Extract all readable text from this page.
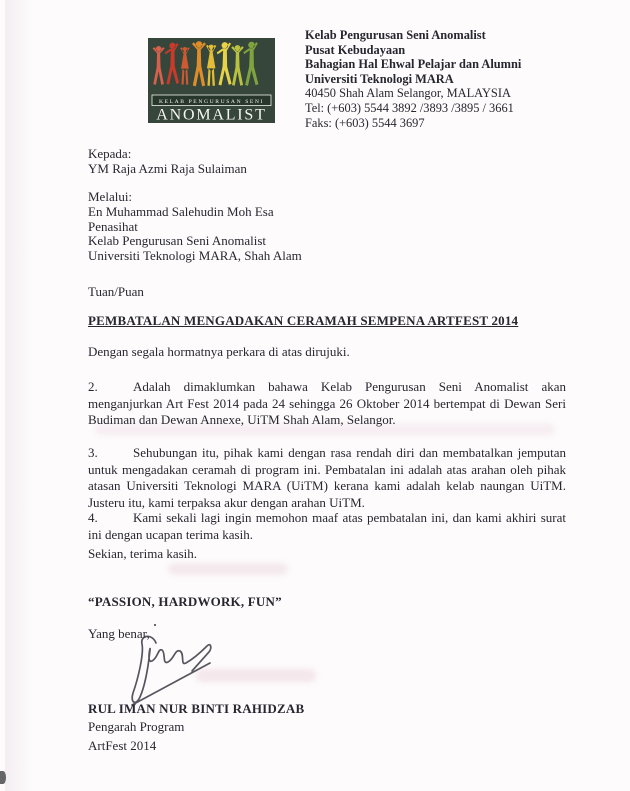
KELAB PENGURUSAN SENI
ANOMALIST
Kelab Pengurusan Seni Anomalist
Pusat Kebudayaan
Bahagian Hal Ehwal Pelajar dan Alumni
Universiti Teknologi MARA
40450 Shah Alam Selangor, MALAYSIA
Tel: (+603) 5544 3892 /3893 /3895 / 3661
Faks: (+603) 5544 3697
Kepada:
YM Raja Azmi Raja Sulaiman
Melalui:
En Muhammad Salehudin Moh Esa
Penasihat
Kelab Pengurusan Seni Anomalist
Universiti Teknologi MARA, Shah Alam
Tuan/Puan
PEMBATALAN MENGADAKAN CERAMAH SEMPENA ARTFEST 2014
Dengan segala hormatnya perkara di atas dirujuki.
2.	Adalah dimaklumkan bahawa Kelab Pengurusan Seni Anomalist akan menganjurkan Art Fest 2014 pada 24 sehingga 26 Oktober 2014 bertempat di Dewan Seri Budiman dan Dewan Annexe, UiTM Shah Alam, Selangor.
3.	Sehubungan itu, pihak kami dengan rasa rendah diri dan membatalkan jemputan untuk mengadakan ceramah di program ini. Pembatalan ini adalah atas arahan oleh pihak atasan Universiti Teknologi MARA (UiTM) kerana kami adalah kelab naungan UiTM. Justeru itu, kami terpaksa akur dengan arahan UiTM.
4.	Kami sekali lagi ingin memohon maaf atas pembatalan ini, dan kami akhiri surat ini dengan ucapan terima kasih.
Sekian, terima kasih.
“PASSION, HARDWORK, FUN”
Yang benar,
RUL IMAN NUR BINTI RAHIDZAB
Pengarah Program
ArtFest 2014
